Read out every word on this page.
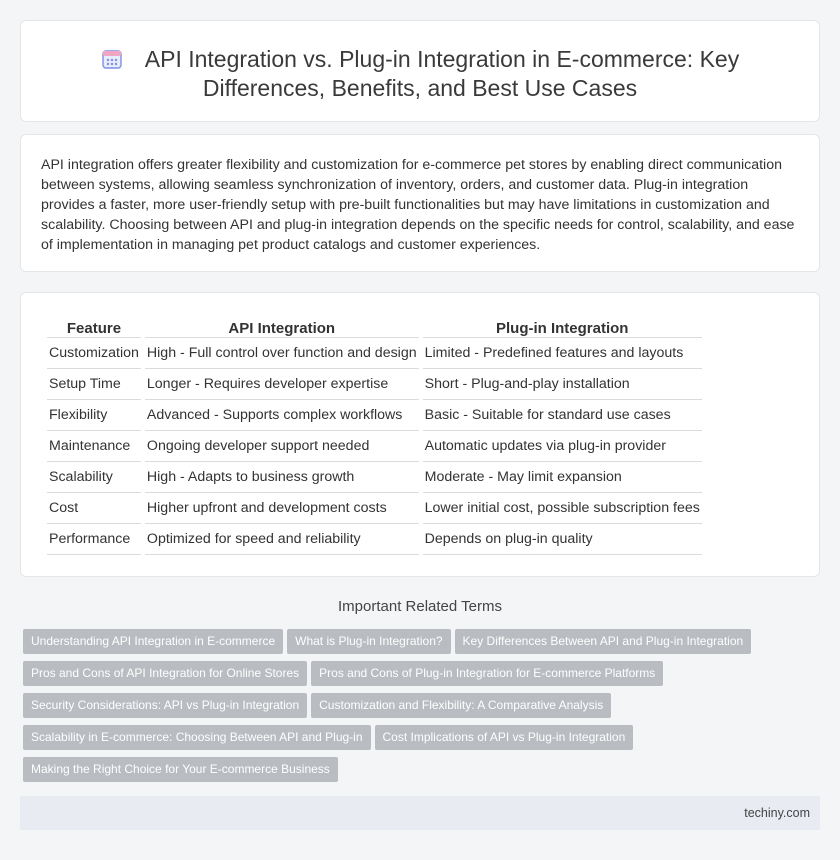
API Integration vs. Plug-in Integration in E-commerce: Key Differences, Benefits, and Best Use Cases

API integration offers greater flexibility and customization for e-commerce pet stores by enabling direct communication between systems, allowing seamless synchronization of inventory, orders, and customer data. Plug-in integration provides a faster, more user-friendly setup with pre-built functionalities but may have limitations in customization and scalability. Choosing between API and plug-in integration depends on the specific needs for control, scalability, and ease of implementation in managing pet product catalogs and customer experiences.

Feature	API Integration	Plug-in Integration
Customization	High - Full control over function and design	Limited - Predefined features and layouts
Setup Time	Longer - Requires developer expertise	Short - Plug-and-play installation
Flexibility	Advanced - Supports complex workflows	Basic - Suitable for standard use cases
Maintenance	Ongoing developer support needed	Automatic updates via plug-in provider
Scalability	High - Adapts to business growth	Moderate - May limit expansion
Cost	Higher upfront and development costs	Lower initial cost, possible subscription fees
Performance	Optimized for speed and reliability	Depends on plug-in quality
Important Related Terms
Understanding API Integration in E-commerce What is Plug-in Integration? Key Differences Between API and Plug-in Integration
Pros and Cons of API Integration for Online Stores Pros and Cons of Plug-in Integration for E-commerce Platforms
Security Considerations: API vs Plug-in Integration Customization and Flexibility: A Comparative Analysis
Scalability in E-commerce: Choosing Between API and Plug-in Cost Implications of API vs Plug-in Integration
Making the Right Choice for Your E-commerce Business
techiny.com
